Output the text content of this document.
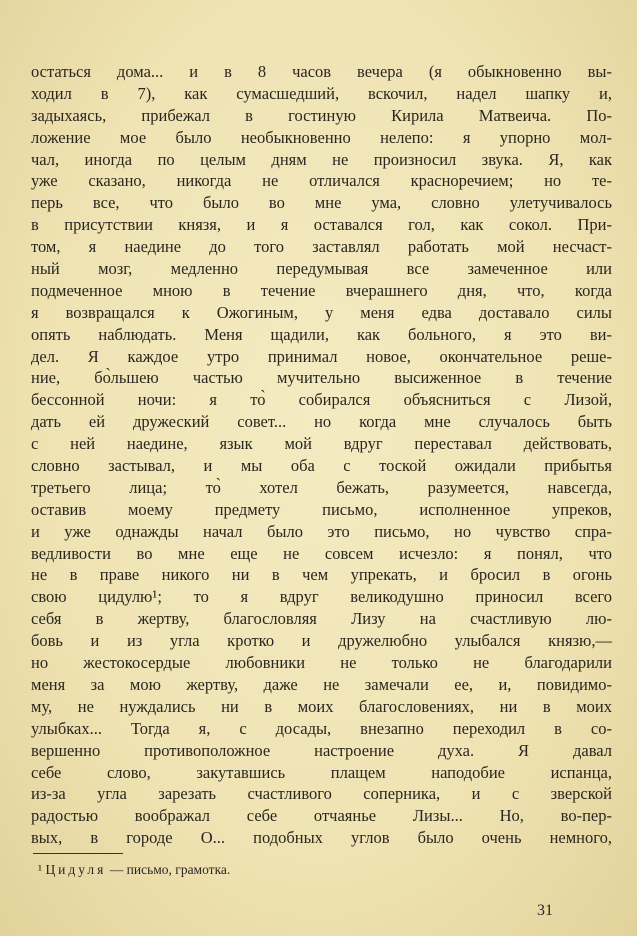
остаться дома... и в 8 часов вечера (я обыкновенно вы-
ходил в 7), как сумасшедший, вскочил, надел шапку и,
задыхаясь, прибежал в гостиную Кирила Матвеича. По-
ложение мое было необыкновенно нелепо: я упорно мол-
чал, иногда по целым дням не произносил звука. Я, как
уже сказано, никогда не отличался красноречием; но те-
перь все, что было во мне ума, словно улетучивалось
в присутствии князя, и я оставался гол, как сокол. При-
том, я наедине до того заставлял работать мой несчаст-
ный мозг, медленно передумывая все замеченное или
подмеченное мною в течение вчерашнего дня, что, когда
я возвращался к Ожогиным, у меня едва доставало силы
опять наблюдать. Меня щадили, как больного, я это ви-
дел. Я каждое утро принимал новое, окончательное реше-
ние, бо̀льшею частью мучительно высиженное в течение
бессонной ночи: я то̀ собирался объясниться с Лизой,
дать ей дружеский совет... но когда мне случалось быть
с ней наедине, язык мой вдруг переставал действовать,
словно застывал, и мы оба с тоской ожидали прибытья
третьего лица; то̀ хотел бежать, разумеется, навсегда,
оставив моему предмету письмо, исполненное упреков,
и уже однажды начал было это письмо, но чувство спра-
ведливости во мне еще не совсем исчезло: я понял, что
не в праве никого ни в чем упрекать, и бросил в огонь
свою цидулю¹; то я вдруг великодушно приносил всего
себя в жертву, благословляя Лизу на счастливую лю-
бовь и из угла кротко и дружелюбно улыбался князю,—
но жестокосердые любовники не только не благодарили
меня за мою жертву, даже не замечали ее, и, повидимо-
му, не нуждались ни в моих благословениях, ни в моих
улыбках... Тогда я, с досады, внезапно переходил в со-
вершенно противоположное настроение духа. Я давал
себе слово, закутавшись плащем наподобие испанца,
из-за угла зарезать счастливого соперника, и с зверской
радостью воображал себе отчаянье Лизы... Но, во-пер-
вых, в городе О... подобных углов было очень немного,
¹ Цидуля — письмо, грамотка.
31
